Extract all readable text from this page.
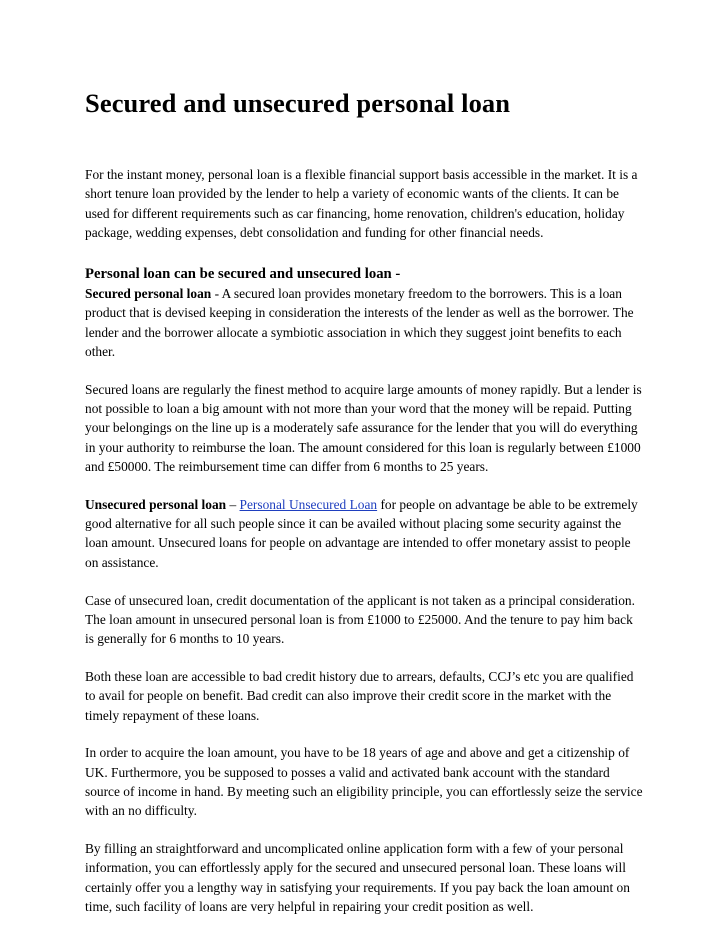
Secured and unsecured personal loan

For the instant money, personal loan is a flexible financial support basis accessible in the market. It is a short tenure loan provided by the lender to help a variety of economic wants of the clients. It can be used for different requirements such as car financing, home renovation, children's education, holiday package, wedding expenses, debt consolidation and funding for other financial needs.

Personal loan can be secured and unsecured loan -

Secured personal loan - A secured loan provides monetary freedom to the borrowers. This is a loan product that is devised keeping in consideration the interests of the lender as well as the borrower. The lender and the borrower allocate a symbiotic association in which they suggest joint benefits to each other.

Secured loans are regularly the finest method to acquire large amounts of money rapidly. But a lender is not possible to loan a big amount with not more than your word that the money will be repaid. Putting your belongings on the line up is a moderately safe assurance for the lender that you will do everything in your authority to reimburse the loan. The amount considered for this loan is regularly between £1000 and £50000. The reimbursement time can differ from 6 months to 25 years.

Unsecured personal loan – Personal Unsecured Loan for people on advantage be able to be extremely good alternative for all such people since it can be availed without placing some security against the loan amount. Unsecured loans for people on advantage are intended to offer monetary assist to people on assistance.

Case of unsecured loan, credit documentation of the applicant is not taken as a principal consideration. The loan amount in unsecured personal loan is from £1000 to £25000. And the tenure to pay him back is generally for 6 months to 10 years.

Both these loan are accessible to bad credit history due to arrears, defaults, CCJ’s etc you are qualified to avail for people on benefit. Bad credit can also improve their credit score in the market with the timely repayment of these loans.

In order to acquire the loan amount, you have to be 18 years of age and above and get a citizenship of UK. Furthermore, you be supposed to posses a valid and activated bank account with the standard source of income in hand. By meeting such an eligibility principle, you can effortlessly seize the service with an no difficulty.

By filling an straightforward and uncomplicated online application form with a few of your personal information, you can effortlessly apply for the secured and unsecured personal loan. These loans will certainly offer you a lengthy way in satisfying your requirements. If you pay back the loan amount on time, such facility of loans are very helpful in repairing your credit position as well.
